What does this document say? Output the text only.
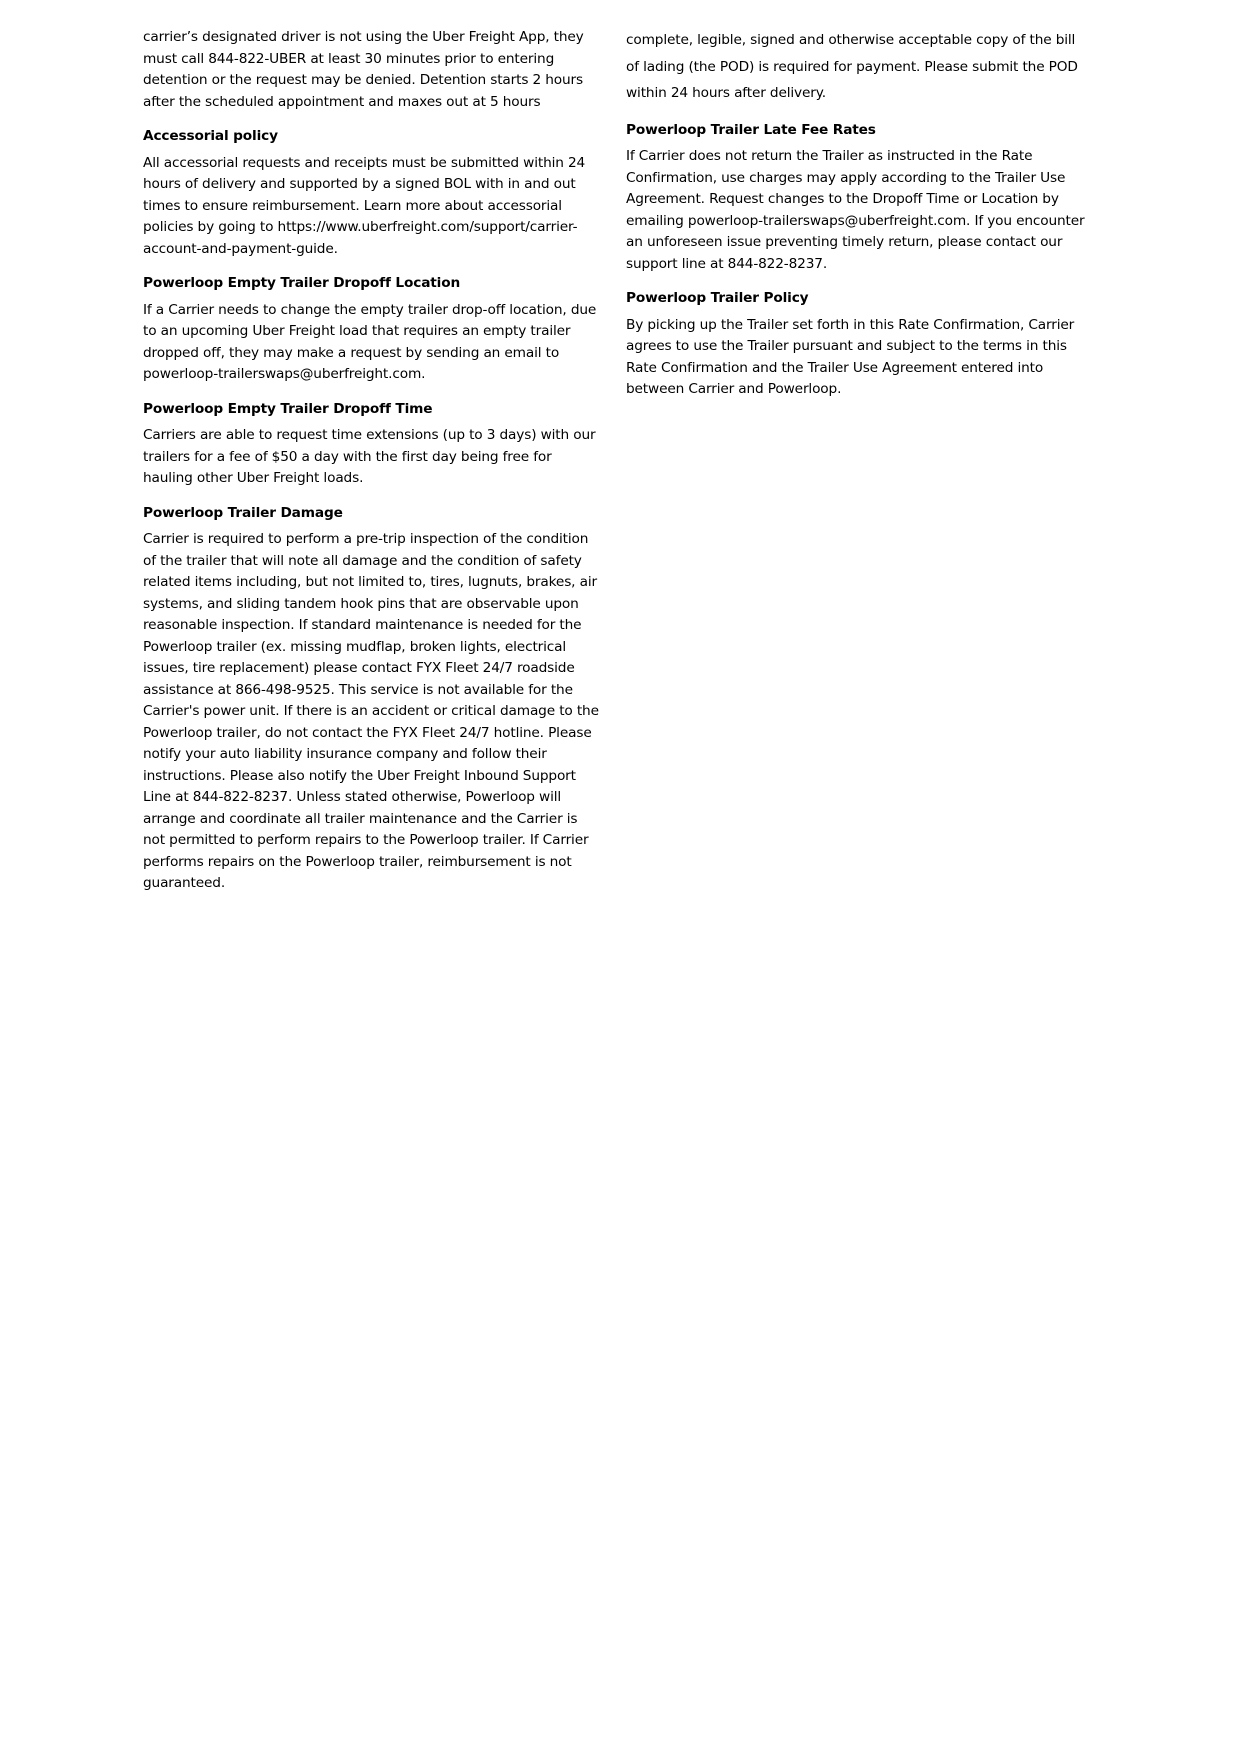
carrier’s designated driver is not using the Uber Freight App, they must call 844-822-UBER at least 30 minutes prior to entering detention or the request may be denied. Detention starts 2 hours after the scheduled appointment and maxes out at 5 hours

Accessorial policy

All accessorial requests and receipts must be submitted within 24 hours of delivery and supported by a signed BOL with in and out times to ensure reimbursement. Learn more about accessorial policies by going to https://www.uberfreight.com/support/carrier-account-and-payment-guide.

Powerloop Empty Trailer Dropoff Location

If a Carrier needs to change the empty trailer drop-off location, due to an upcoming Uber Freight load that requires an empty trailer dropped off, they may make a request by sending an email to powerloop-trailerswaps@uberfreight.com.

Powerloop Empty Trailer Dropoff Time

Carriers are able to request time extensions (up to 3 days) with our trailers for a fee of $50 a day with the first day being free for hauling other Uber Freight loads.

Powerloop Trailer Damage

Carrier is required to perform a pre-trip inspection of the condition of the trailer that will note all damage and the condition of safety related items including, but not limited to, tires, lugnuts, brakes, air systems, and sliding tandem hook pins that are observable upon reasonable inspection. If standard maintenance is needed for the Powerloop trailer (ex. missing mudflap, broken lights, electrical issues, tire replacement) please contact FYX Fleet 24/7 roadside assistance at 866-498-9525. This service is not available for the Carrier's power unit. If there is an accident or critical damage to the Powerloop trailer, do not contact the FYX Fleet 24/7 hotline. Please notify your auto liability insurance company and follow their instructions. Please also notify the Uber Freight Inbound Support Line at 844-822-8237. Unless stated otherwise, Powerloop will arrange and coordinate all trailer maintenance and the Carrier is not permitted to perform repairs to the Powerloop trailer. If Carrier performs repairs on the Powerloop trailer, reimbursement is not guaranteed.

complete, legible, signed and otherwise acceptable copy of the bill of lading (the POD) is required for payment. Please submit the POD within 24 hours after delivery.

Powerloop Trailer Late Fee Rates

If Carrier does not return the Trailer as instructed in the Rate Confirmation, use charges may apply according to the Trailer Use Agreement. Request changes to the Dropoff Time or Location by emailing powerloop-trailerswaps@uberfreight.com. If you encounter an unforeseen issue preventing timely return, please contact our support line at 844-822-8237.

Powerloop Trailer Policy

By picking up the Trailer set forth in this Rate Confirmation, Carrier agrees to use the Trailer pursuant and subject to the terms in this Rate Confirmation and the Trailer Use Agreement entered into between Carrier and Powerloop.
